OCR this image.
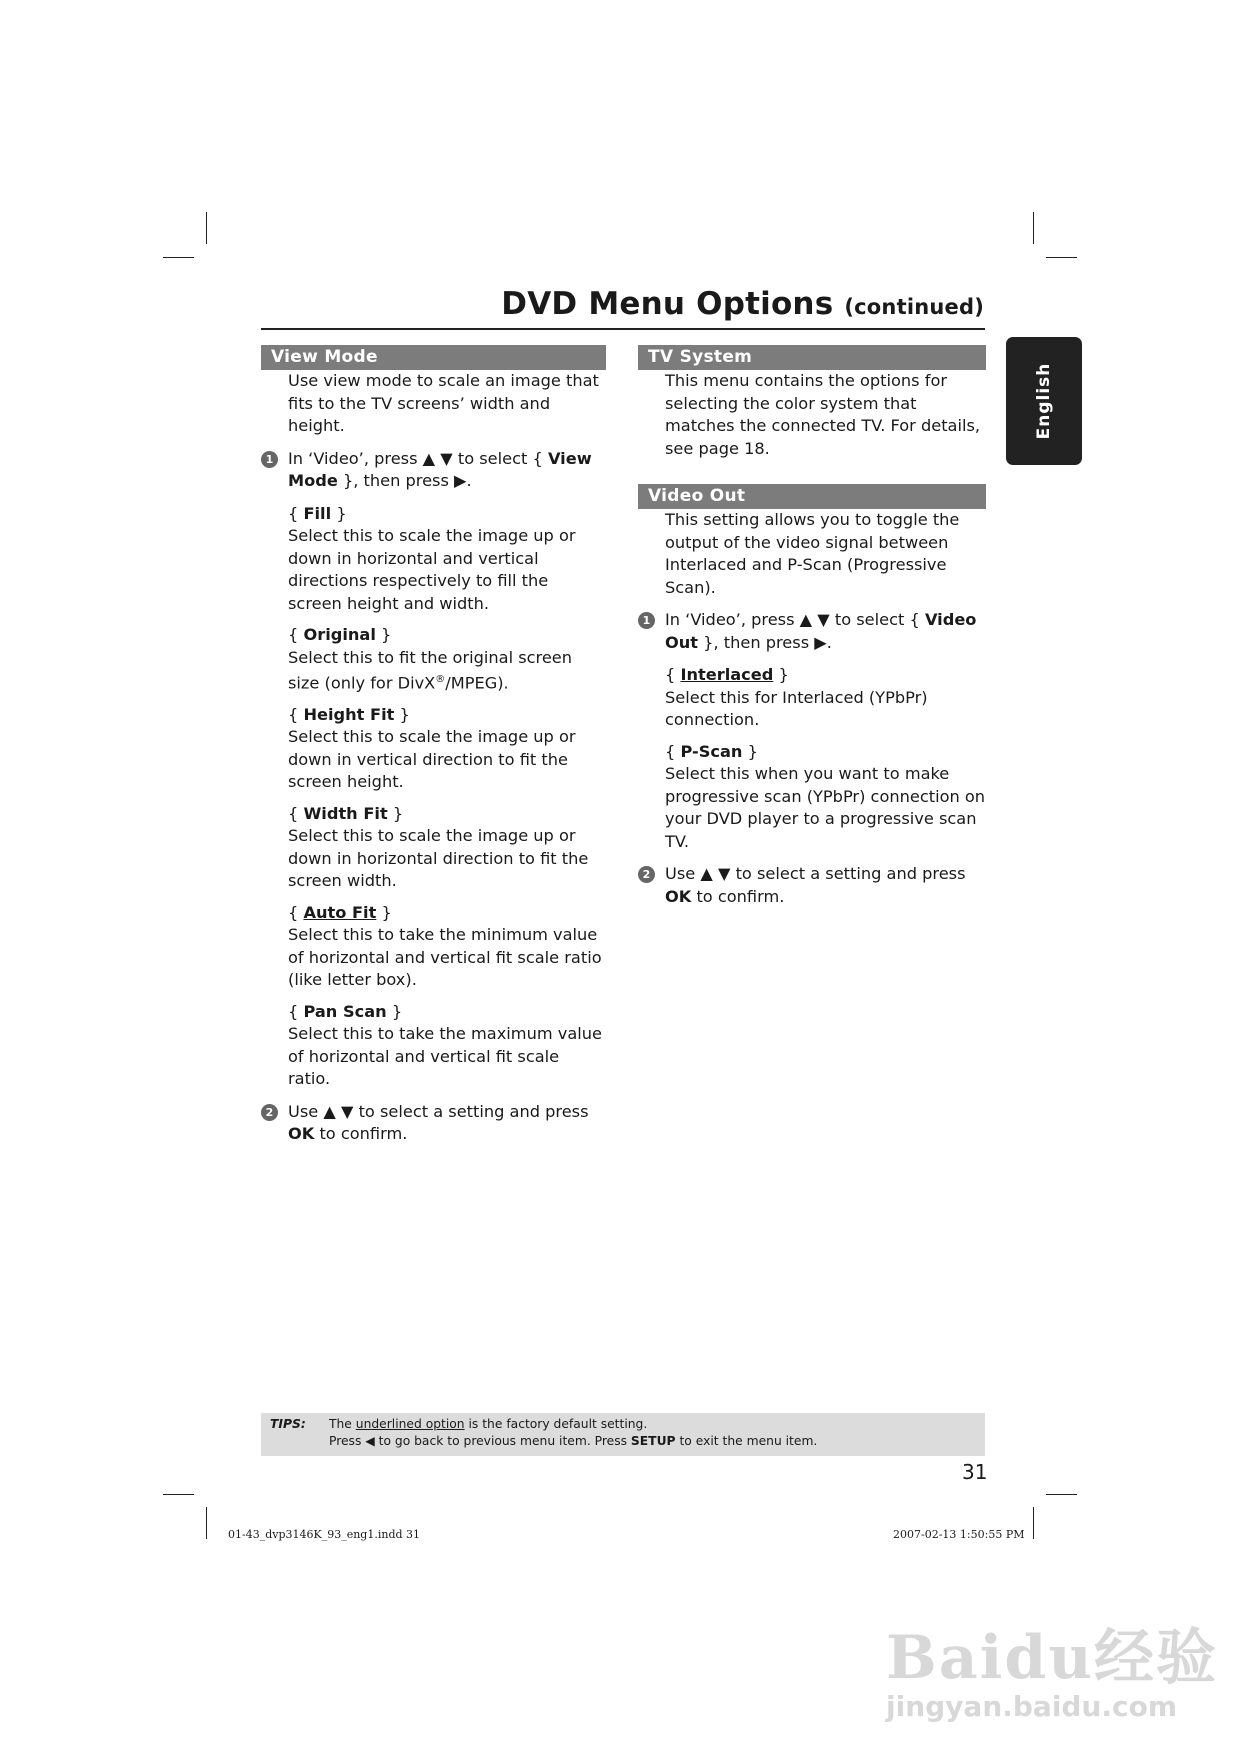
DVD Menu Options (continued)
English
View Mode

Use view mode to scale an image that fits to the TV screens’ width and height.

1 In ‘Video’, press ▲ ▼ to select { View Mode }, then press ▶.

{ Fill }

Select this to scale the image up or down in horizontal and vertical directions respectively to fill the screen height and width.

{ Original }

Select this to fit the original screen size (only for DivX®/MPEG).

{ Height Fit }

Select this to scale the image up or down in vertical direction to fit the screen height.

{ Width Fit }

Select this to scale the image up or down in horizontal direction to fit the screen width.

{ Auto Fit }

Select this to take the minimum value of horizontal and vertical fit scale ratio (like letter box).

{ Pan Scan }

Select this to take the maximum value of horizontal and vertical fit scale ratio.

2 Use ▲ ▼ to select a setting and press OK to confirm.
TV System

This menu contains the options for selecting the color system that matches the connected TV. For details, see page 18.

Video Out

This setting allows you to toggle the output of the video signal between Interlaced and P-Scan (Progressive Scan).

1 In ‘Video’, press ▲ ▼ to select { Video Out }, then press ▶.

{ Interlaced }

Select this for Interlaced (YPbPr) connection.

{ P-Scan }

Select this when you want to make progressive scan (YPbPr) connection on your DVD player to a progressive scan TV.

2 Use ▲ ▼ to select a setting and press OK to confirm.
TIPS: The underlined option is the factory default setting.
Press ◀ to go back to previous menu item. Press SETUP to exit the menu item.
31
01-43_dvp3146K_93_eng1.indd 31	2007-02-13 1:50:55 PM
Baidu经验
jingyan.baidu.com
